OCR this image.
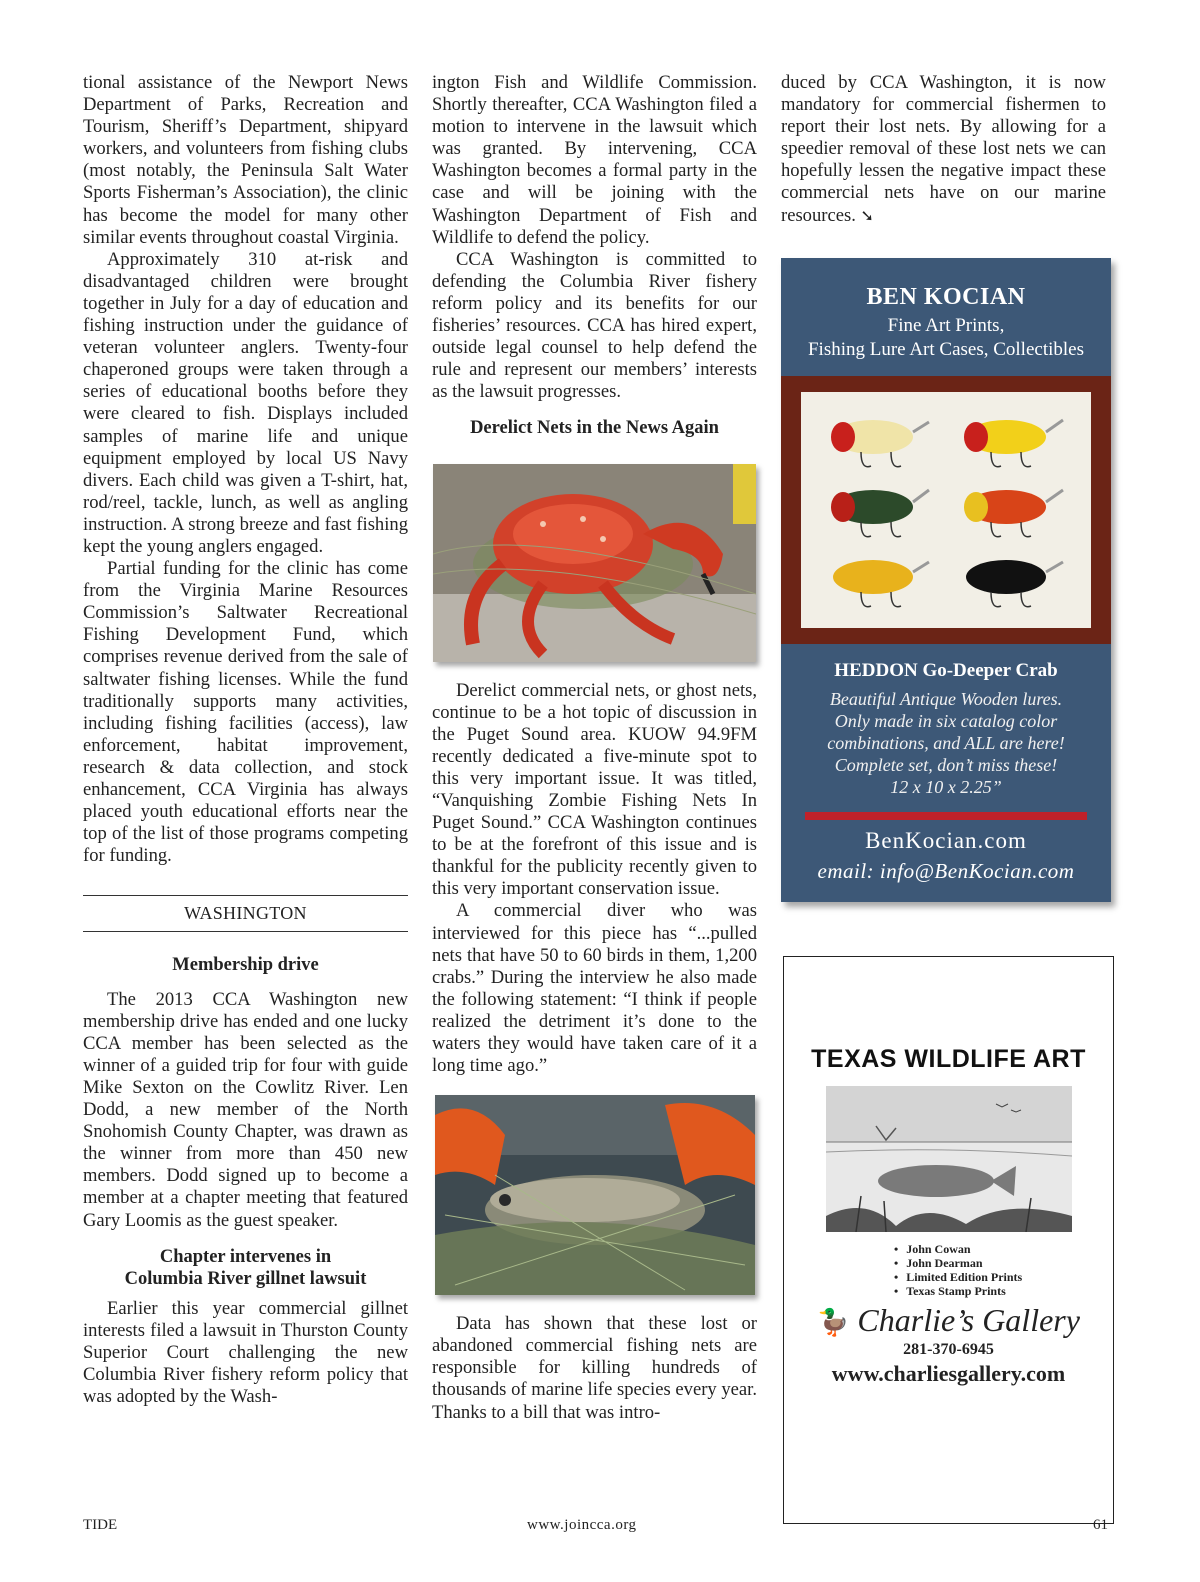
tional assistance of the Newport News Department of Parks, Recreation and Tourism, Sheriff’s Department, shipyard workers, and volunteers from fishing clubs (most notably, the Peninsula Salt Water Sports Fisherman’s Association), the clinic has become the model for many other similar events throughout coastal Virginia.

Approximately 310 at-risk and disadvantaged children were brought together in July for a day of education and fishing instruction under the guidance of veteran volunteer anglers. Twenty-four chaperoned groups were taken through a series of educational booths before they were cleared to fish. Displays included samples of marine life and unique equipment employed by local US Navy divers. Each child was given a T-shirt, hat, rod/reel, tackle, lunch, as well as angling instruction. A strong breeze and fast fishing kept the young anglers engaged.

Partial funding for the clinic has come from the Virginia Marine Resources Commission’s Saltwater Recreational Fishing Development Fund, which comprises revenue derived from the sale of saltwater fishing licenses. While the fund traditionally supports many activities, including fishing facilities (access), law enforcement, habitat improvement, research & data collection, and stock enhancement, CCA Virginia has always placed youth educational efforts near the top of the list of those programs competing for funding.

WASHINGTON
Membership drive

The 2013 CCA Washington new membership drive has ended and one lucky CCA member has been selected as the winner of a guided trip for four with guide Mike Sexton on the Cowlitz River. Len Dodd, a new member of the North Snohomish County Chapter, was drawn as the winner from more than 450 new members. Dodd signed up to become a member at a chapter meeting that featured Gary Loomis as the guest speaker.

Chapter intervenes in
Columbia River gillnet lawsuit

Earlier this year commercial gillnet interests filed a lawsuit in Thurston County Superior Court challenging the new Columbia River fishery reform policy that was adopted by the Wash-

ington Fish and Wildlife Commission. Shortly thereafter, CCA Washington filed a motion to intervene in the lawsuit which was granted. By intervening, CCA Washington becomes a formal party in the case and will be joining with the Washington Department of Fish and Wildlife to defend the policy.

CCA Washington is committed to defending the Columbia River fishery reform policy and its benefits for our fisheries’ resources. CCA has hired expert, outside legal counsel to help defend the rule and represent our members’ interests as the lawsuit progresses.

Derelict Nets in the News Again

Derelict commercial nets, or ghost nets, continue to be a hot topic of discussion in the Puget Sound area. KUOW 94.9FM recently dedicated a five-minute spot to this very important issue. It was titled, “Vanquishing Zombie Fishing Nets In Puget Sound.” CCA Washington continues to be at the forefront of this issue and is thankful for the publicity recently given to this very important conservation issue.

A commercial diver who was interviewed for this piece has “...pulled nets that have 50 to 60 birds in them, 1,200 crabs.” During the interview he also made the following statement: “I think if people realized the detriment it’s done to the waters they would have taken care of it a long time ago.”

Data has shown that these lost or abandoned commercial fishing nets are responsible for killing hundreds of thousands of marine life species every year. Thanks to a bill that was intro-

duced by CCA Washington, it is now mandatory for commercial fishermen to report their lost nets. By allowing for a speedier removal of these lost nets we can hopefully lessen the negative impact these commercial nets have on our marine resources. ➘

BEN KOCIAN
Fine Art Prints,
Fishing Lure Art Cases, Collectibles
HEDDON Go-Deeper Crab
Beautiful Antique Wooden lures.
Only made in six catalog color
combinations, and ALL are here!
Complete set, don’t miss these!
12 x 10 x 2.25”
BenKocian.com
email: info@BenKocian.com
TEXAS WILDLIFE ART
• John Cowan
• John Dearman
• Limited Edition Prints
• Texas Stamp Prints
🦆 Charlie’s Gallery
281-370-6945
www.charliesgallery.com
TIDE	www.joincca.org	61
